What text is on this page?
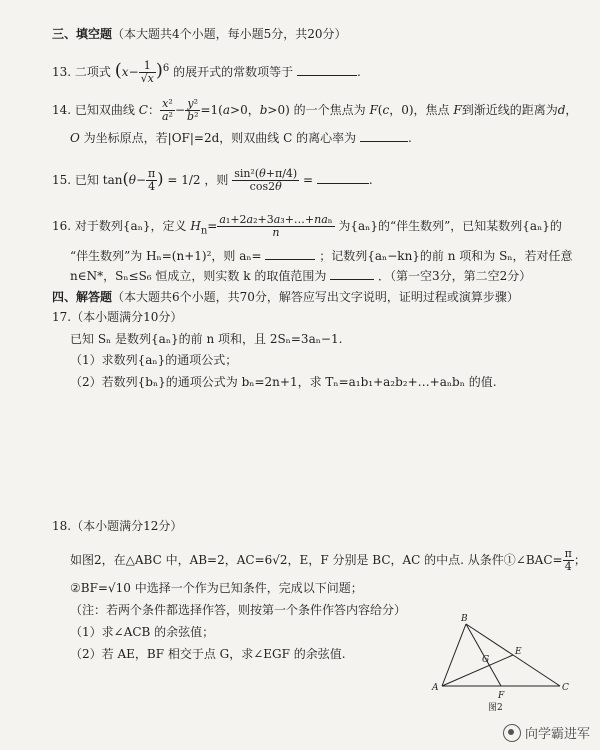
三、填空题（本大题共4个小题，每小题5分，共20分）
13. 二项式 $(x- \frac{1}{√x} )^6$ 的展开式的常数项等于	.
14. 已知双曲线 C： $\frac{\text{x²}}{\text{a²}} - \frac{\text{y²}}{\text{b²}} =1(a>0$，b>0) 的一个焦点为 F(c，0)，焦点 F到渐近线的距离为d，
O 为坐标原点，若|OF|=2d，则双曲线 C 的离心率为	.
15. 已知 $\tan(\theta- \frac{\pi}{4}$ ) = 1/2 ，则 $\frac{\text{sin²(θ+π/4)}}{\cos 2\theta}$ =	.
16. 对于数列{aₙ}，定义 $H_n= \frac{\text{a₁+2a₂+3a₃+…+naₙ}}{n}$ 为{aₙ}的“伴生数列”，已知某数列{aₙ}的
“伴生数列”为 Hₙ=(n+1)²，则 aₙ=	；记数列{aₙ−kn}的前 n 项和为 Sₙ，若对任意
n∈N*，Sₙ≤S₆ 恒成立，则实数 k 的取值范围为	．（第一空3分，第二空2分）
四、解答题（本大题共6个小题，共70分，解答应写出文字说明，证明过程或演算步骤）
17.（本小题满分10分）
已知 Sₙ 是数列{aₙ}的前 n 项和，且 2Sₙ=3aₙ−1.
（1）求数列{aₙ}的通项公式；
（2）若数列{bₙ}的通项公式为 bₙ=2n+1，求 Tₙ=a₁b₁+a₂b₂+…+aₙbₙ 的值.
18.（本小题满分12分）
如图2，在△ABC 中，AB=2，AC=6√2，E，F 分别是 BC，AC 的中点. 从条件①∠BAC= $\frac{\pi}{4}$ ；
②BF=√10 中选择一个作为已知条件，完成以下问题；
（注：若两个条件都选择作答，则按第一个条件作答内容给分）
（1）求∠ACB 的余弦值；
（2）若 AE，BF 相交于点 G，求∠EGF 的余弦值.
B
A	C
E
F
G
图2
向学霸进军
